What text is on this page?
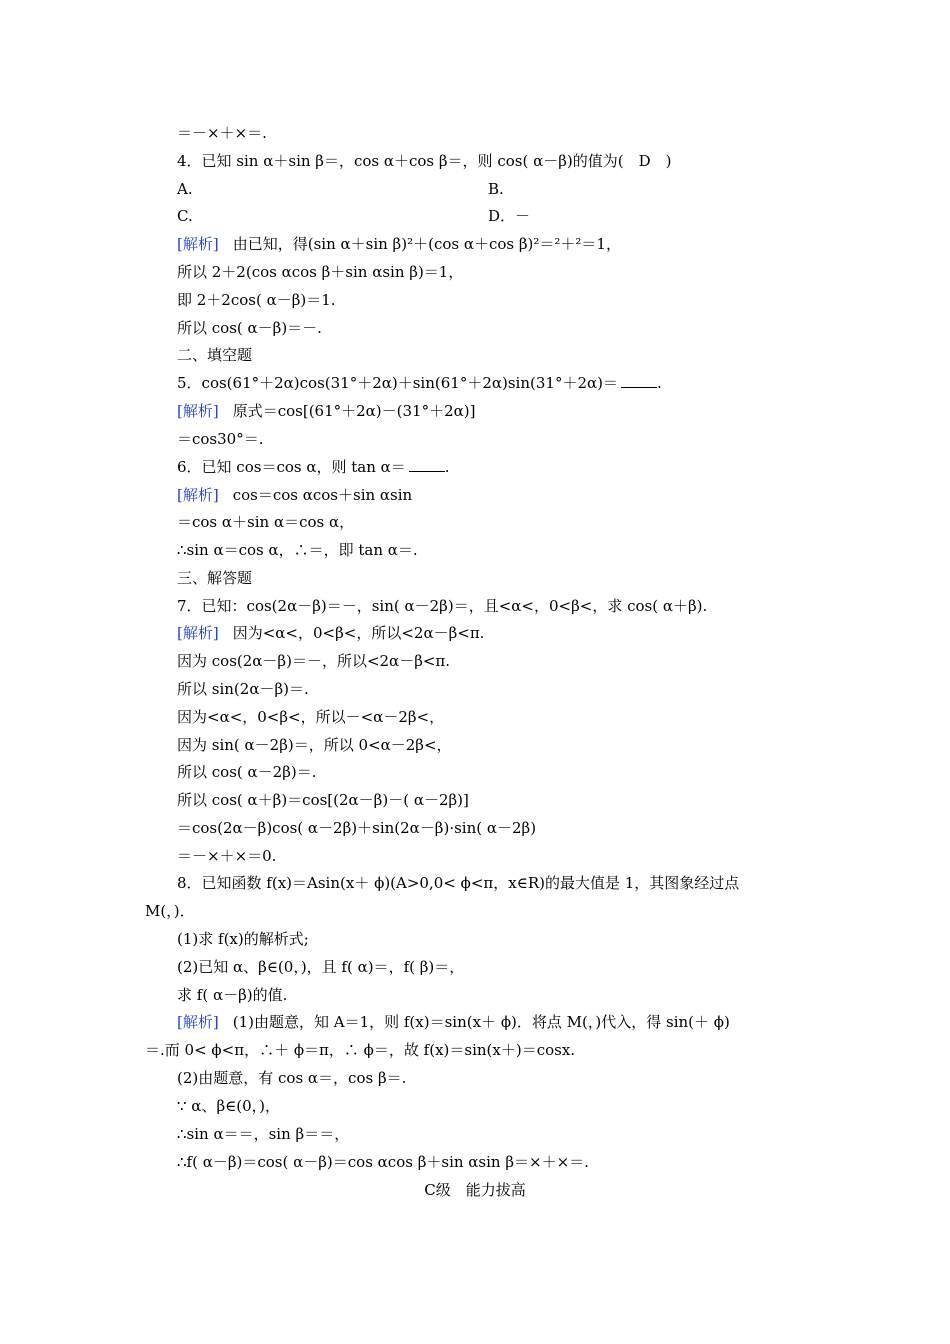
＝－×＋×＝.
4．已知 sin α＋sin β＝，cos α＋cos β＝，则 cos( α－β)的值为(　D　)
A.	B.
C.	D．－
[解析] 由已知，得(sin α＋sin β)²＋(cos α＋cos β)²＝²＋²＝1，
所以 2＋2(cos αcos β＋sin αsin β)＝1，
即 2＋2cos( α－β)＝1.
所以 cos( α－β)＝－.
二、填空题
5．cos(61°＋2α)cos(31°＋2α)＋sin(61°＋2α)sin(31°＋2α)＝	.
[解析] 原式＝cos[(61°＋2α)－(31°＋2α)]
＝cos30°＝.
6．已知 cos＝cos α，则 tan α＝	.
[解析] cos＝cos αcos＋sin αsin
＝cos α＋sin α＝cos α，
∴sin α＝cos α，∴＝，即 tan α＝.
三、解答题
7．已知：cos(2α－β)＝－，sin( α－2β)＝，且<α<，0<β<，求 cos( α＋β).
[解析] 因为<α<，0<β<，所以<2α－β<π.
因为 cos(2α－β)＝－，所以<2α－β<π.
所以 sin(2α－β)＝.
因为<α<，0<β<，所以－<α－2β<，
因为 sin( α－2β)＝，所以 0<α－2β<，
所以 cos( α－2β)＝.
所以 cos( α＋β)＝cos[(2α－β)－( α－2β)]
＝cos(2α－β)cos( α－2β)＋sin(2α－β)·sin( α－2β)
＝－×＋×＝0.
8．已知函数 f(x)＝Asin(x＋ ϕ)(A>0,0< ϕ<π，x∈R)的最大值是 1，其图象经过点
M(，)．
(1)求 f(x)的解析式;
(2)已知 α、β∈(0，)，且 f( α)＝，f( β)＝，
求 f( α－β)的值.
[解析] (1)由题意，知 A＝1，则 f(x)＝sin(x＋ ϕ)．将点 M(，)代入，得 sin(＋ ϕ)
＝.而 0< ϕ<π，∴＋ ϕ＝π，∴ ϕ＝，故 f(x)＝sin(x＋)＝cosx.
(2)由题意，有 cos α＝，cos β＝.
∵ α、β∈(0，)，
∴sin α＝＝，sin β＝＝，
∴f( α－β)＝cos( α－β)＝cos αcos β＋sin αsin β＝×＋×＝.
C级　能力拔高
